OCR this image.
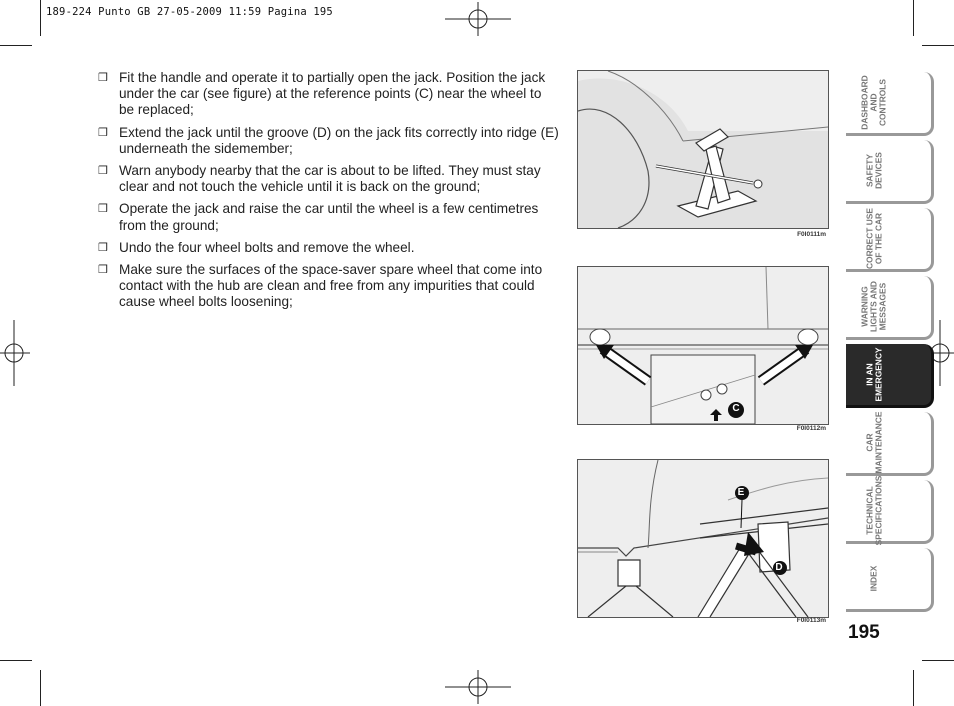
189-224 Punto GB 27-05-2009 11:59 Pagina 195
❒ Fit the handle and operate it to partially open the jack. Position the jack under the car (see figure) at the reference points (C) near the wheel to be replaced;
❒ Extend the jack until the groove (D) on the jack fits correctly into ridge (E) underneath the sidemember;
❒ Warn anybody nearby that the car is about to be lifted. They must stay clear and not touch the vehicle until it is back on the ground;
❒ Operate the jack and raise the car until the wheel is a few centimetres from the ground;
❒ Undo the four wheel bolts and remove the wheel.
❒ Make sure the surfaces of the space-saver spare wheel that come into contact with the hub are clean and free from any impurities that could cause wheel bolts loosening;
F0I0111m
C
F0I0112m
E
D
F0I0113m
DASHBOARD
AND
CONTROLS
SAFETY
DEVICES
CORRECT USE
OF THE CAR
WARNING
LIGHTS AND
MESSAGES
IN AN
EMERGENCY
CAR
MAINTENANCE
TECHNICAL
SPECIFICATIONS
INDEX
195
